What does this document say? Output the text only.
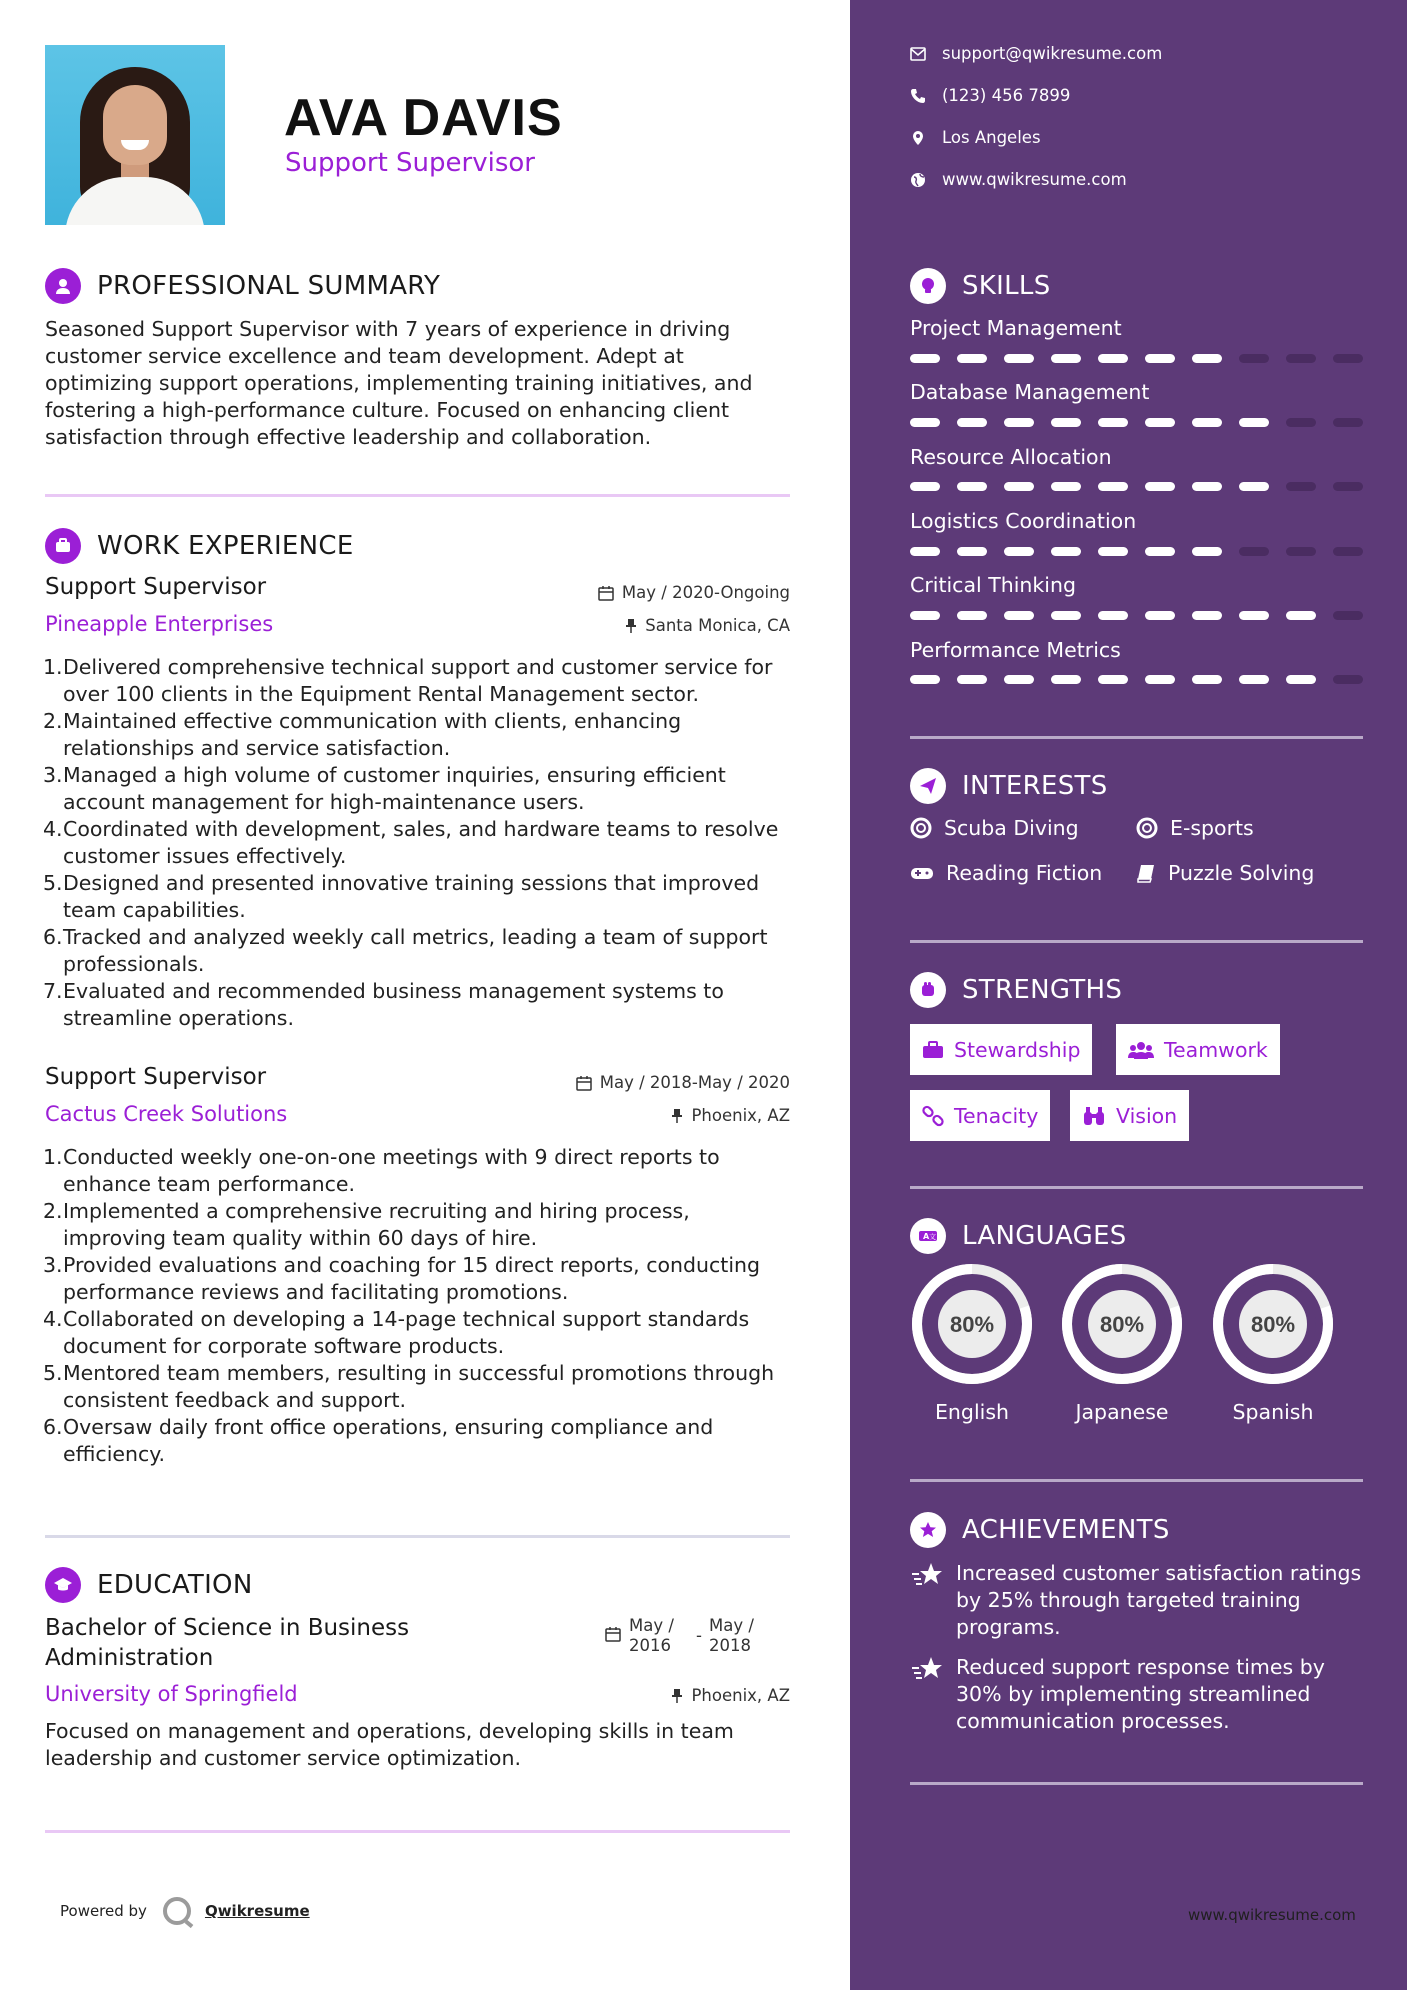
AVA DAVIS
Support Supervisor
PROFESSIONAL SUMMARY
Seasoned Support Supervisor with 7 years of experience in driving customer service excellence and team development. Adept at optimizing support operations, implementing training initiatives, and fostering a high-performance culture. Focused on enhancing client satisfaction through effective leadership and collaboration.
WORK EXPERIENCE
Support Supervisor	May / 2020-Ongoing
Pineapple Enterprises	Santa Monica, CA
1. Delivered comprehensive technical support and customer service for over 100 clients in the Equipment Rental Management sector.
2. Maintained effective communication with clients, enhancing relationships and service satisfaction.
3. Managed a high volume of customer inquiries, ensuring efficient account management for high-maintenance users.
4. Coordinated with development, sales, and hardware teams to resolve customer issues effectively.
5. Designed and presented innovative training sessions that improved team capabilities.
6. Tracked and analyzed weekly call metrics, leading a team of support professionals.
7. Evaluated and recommended business management systems to streamline operations.
Support Supervisor	May / 2018-May / 2020
Cactus Creek Solutions	Phoenix, AZ
1. Conducted weekly one-on-one meetings with 9 direct reports to enhance team performance.
2. Implemented a comprehensive recruiting and hiring process, improving team quality within 60 days of hire.
3. Provided evaluations and coaching for 15 direct reports, conducting performance reviews and facilitating promotions.
4. Collaborated on developing a 14-page technical support standards document for corporate software products.
5. Mentored team members, resulting in successful promotions through consistent feedback and support.
6. Oversaw daily front office operations, ensuring compliance and efficiency.
EDUCATION
Bachelor of Science in Business Administration
May / 2016
-
May / 2018
University of Springfield	Phoenix, AZ
Focused on management and operations, developing skills in team leadership and customer service optimization.
Powered by	Qwikresume
support@qwikresume.com
(123) 456 7899
Los Angeles
www.qwikresume.com
SKILLS
Project Management
Database Management
Resource Allocation
Logistics Coordination
Critical Thinking
Performance Metrics
INTERESTS
Scuba Diving	E-sports
Reading Fiction	Puzzle Solving
STRENGTHS
Stewardship	Teamwork
Tenacity	Vision
A 文 LANGUAGES
80%
English
80%
Japanese
80%
Spanish
ACHIEVEMENTS
Increased customer satisfaction ratings by 25% through targeted training programs.
Reduced support response times by 30% by implementing streamlined communication processes.
www.qwikresume.com
